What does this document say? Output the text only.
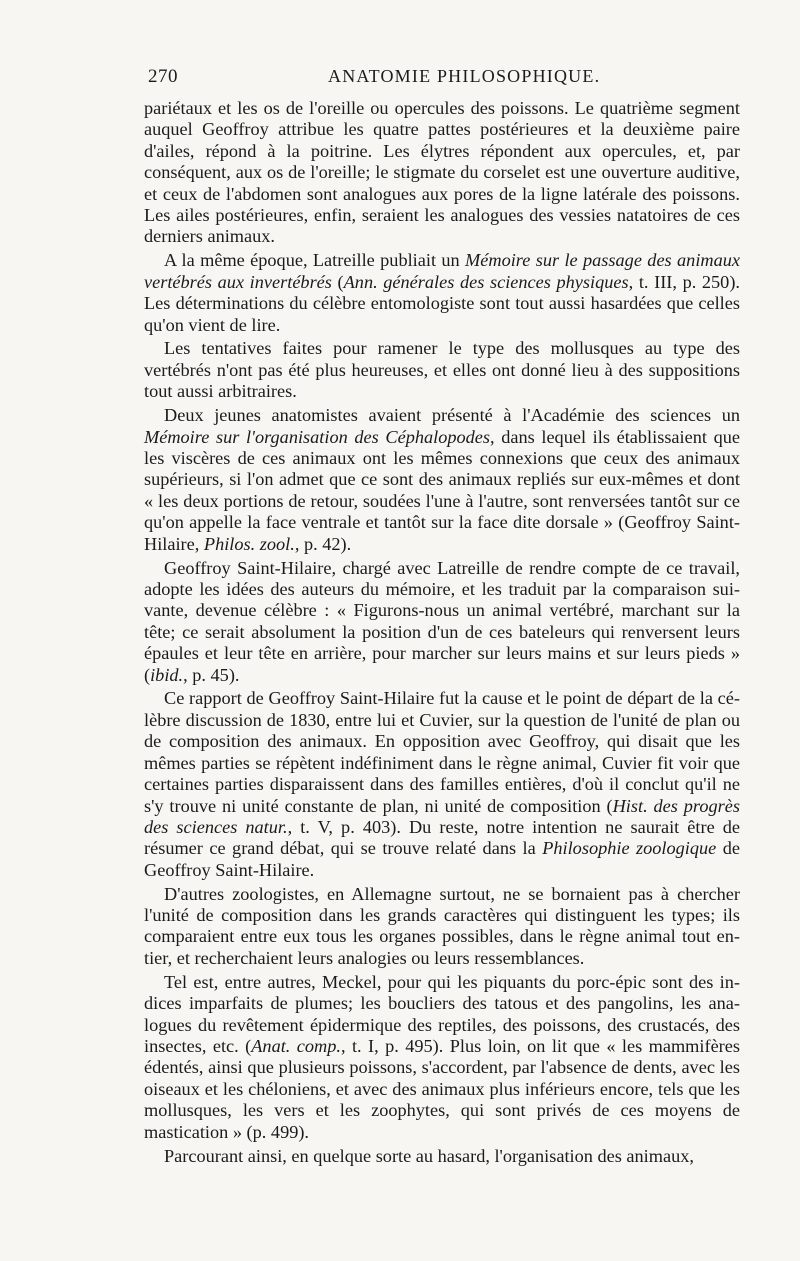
270	ANATOMIE PHILOSOPHIQUE.

pariétaux et les os de l'oreille ou opercules des poissons. Le quatrième segment auquel Geoffroy attribue les quatre pattes postérieures et la deuxième paire d'ailes, répond à la poitrine. Les élytres répondent aux opercules, et, par conséquent, aux os de l'oreille; le stigmate du corselet est une ouverture auditive, et ceux de l'abdomen sont analogues aux pores de la ligne latérale des poissons. Les ailes postérieures, enfin, seraient les analogues des vessies natatoires de ces derniers animaux.

A la même époque, Latreille publiait un Mémoire sur le passage des animaux vertébrés aux invertébrés (Ann. générales des sciences physiques, t. III, p. 250). Les déterminations du célèbre entomologiste sont tout aussi hasardées que celles qu'on vient de lire.

Les tentatives faites pour ramener le type des mollusques au type des vertébrés n'ont pas été plus heureuses, et elles ont donné lieu à des suppositions tout aussi arbitraires.

Deux jeunes anatomistes avaient présenté à l'Académie des sciences un Mémoire sur l'organisation des Céphalopodes, dans lequel ils établissaient que les viscères de ces animaux ont les mêmes connexions que ceux des animaux supérieurs, si l'on admet que ce sont des animaux repliés sur eux-mêmes et dont « les deux portions de retour, soudées l'une à l'autre, sont renversées tantôt sur ce qu'on appelle la face ventrale et tantôt sur la face dite dorsale » (Geoffroy Saint-Hilaire, Philos. zool., p. 42).

Geoffroy Saint-Hilaire, chargé avec Latreille de rendre compte de ce travail, adopte les idées des auteurs du mémoire, et les traduit par la comparaison suivante, devenue célèbre : « Figurons-nous un animal vertébré, marchant sur la tête; ce serait absolument la position d'un de ces bateleurs qui renversent leurs épaules et leur tête en arrière, pour marcher sur leurs mains et sur leurs pieds » (ibid., p. 45).

Ce rapport de Geoffroy Saint-Hilaire fut la cause et le point de départ de la célèbre discussion de 1830, entre lui et Cuvier, sur la question de l'unité de plan ou de composition des animaux. En opposition avec Geoffroy, qui disait que les mêmes parties se répètent indéfiniment dans le règne animal, Cuvier fit voir que certaines parties disparaissent dans des familles entières, d'où il conclut qu'il ne s'y trouve ni unité constante de plan, ni unité de composition (Hist. des progrès des sciences natur., t. V, p. 403). Du reste, notre intention ne saurait être de résumer ce grand débat, qui se trouve relaté dans la Philosophie zoologique de Geoffroy Saint-Hilaire.

D'autres zoologistes, en Allemagne surtout, ne se bornaient pas à chercher l'unité de composition dans les grands caractères qui distinguent les types; ils comparaient entre eux tous les organes possibles, dans le règne animal tout entier, et recherchaient leurs analogies ou leurs ressemblances.

Tel est, entre autres, Meckel, pour qui les piquants du porc-épic sont des indices imparfaits de plumes; les boucliers des tatous et des pangolins, les analogues du revêtement épidermique des reptiles, des poissons, des crustacés, des insectes, etc. (Anat. comp., t. I, p. 495). Plus loin, on lit que « les mammifères édentés, ainsi que plusieurs poissons, s'accordent, par l'absence de dents, avec les oiseaux et les chéloniens, et avec des animaux plus inférieurs encore, tels que les mollusques, les vers et les zoophytes, qui sont privés de ces moyens de mastication » (p. 499).

Parcourant ainsi, en quelque sorte au hasard, l'organisation des animaux,
